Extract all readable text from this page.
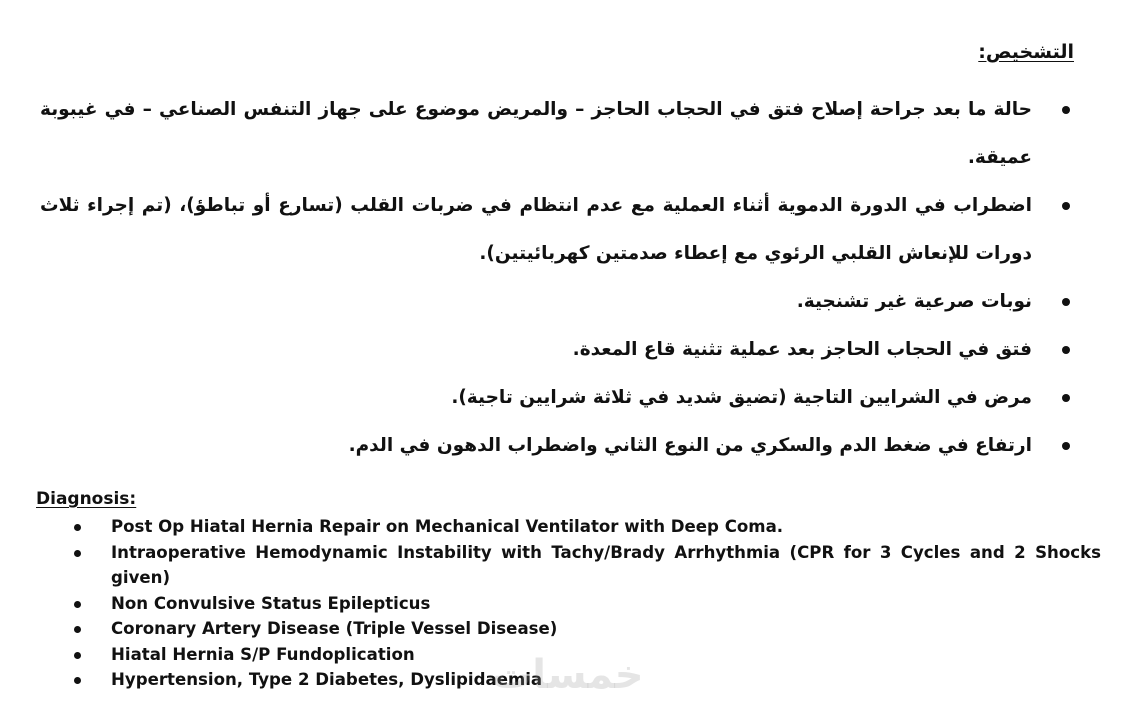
التشخيص:
حالة ما بعد جراحة إصلاح فتق في الحجاب الحاجز – والمريض موضوع على جهاز التنفس الصناعي – في غيبوبة عميقة.
اضطراب في الدورة الدموية أثناء العملية مع عدم انتظام في ضربات القلب (تسارع أو تباطؤ)، (تم إجراء ثلاث دورات للإنعاش القلبي الرئوي مع إعطاء صدمتين كهربائيتين).
نوبات صرعية غير تشنجية.
فتق في الحجاب الحاجز بعد عملية تثنية قاع المعدة.
مرض في الشرايين التاجية (تضيق شديد في ثلاثة شرايين تاجية).
ارتفاع في ضغط الدم والسكري من النوع الثاني واضطراب الدهون في الدم.
Diagnosis:
Post Op Hiatal Hernia Repair on Mechanical Ventilator with Deep Coma.
Intraoperative Hemodynamic Instability with Tachy/Brady Arrhythmia (CPR for 3 Cycles and 2 Shocks given)
Non Convulsive Status Epilepticus
Coronary Artery Disease (Triple Vessel Disease)
Hiatal Hernia S/P Fundoplication
Hypertension, Type 2 Diabetes, Dyslipidaemia
خمسات
